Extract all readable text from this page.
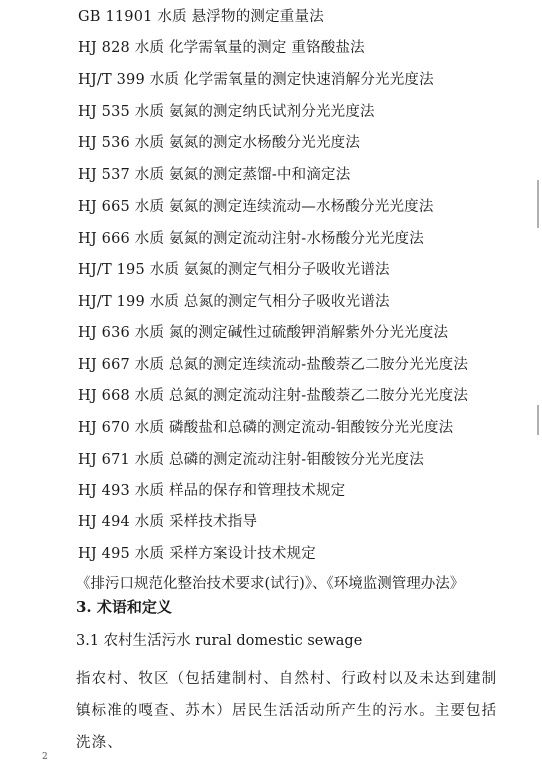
GB 11901 水质 悬浮物的测定重量法
HJ 828 水质 化学需氧量的测定 重铬酸盐法
HJ/T 399 水质 化学需氧量的测定快速消解分光光度法
HJ 535 水质 氨氮的测定纳氏试剂分光光度法
HJ 536 水质 氨氮的测定水杨酸分光光度法
HJ 537 水质 氨氮的测定蒸馏-中和滴定法
HJ 665 水质 氨氮的测定连续流动—水杨酸分光光度法
HJ 666 水质 氨氮的测定流动注射-水杨酸分光光度法
HJ/T 195 水质 氨氮的测定气相分子吸收光谱法
HJ/T 199 水质 总氮的测定气相分子吸收光谱法
HJ 636 水质 氮的测定碱性过硫酸钾消解紫外分光光度法
HJ 667 水质 总氮的测定连续流动-盐酸萘乙二胺分光光度法
HJ 668 水质 总氮的测定流动注射-盐酸萘乙二胺分光光度法
HJ 670 水质 磷酸盐和总磷的测定流动-钼酸铵分光光度法
HJ 671 水质 总磷的测定流动注射-钼酸铵分光光度法
HJ 493 水质 样品的保存和管理技术规定
HJ 494 水质 采样技术指导
HJ 495 水质 采样方案设计技术规定
《排污口规范化整治技术要求(试行)》、《环境监测管理办法》
3. 术语和定义
3.1 农村生活污水 rural domestic sewage
指农村、牧区（包括建制村、自然村、行政村以及未达到建制镇标准的嘎查、苏木）居民生活活动所产生的污水。主要包括洗涤、
2
